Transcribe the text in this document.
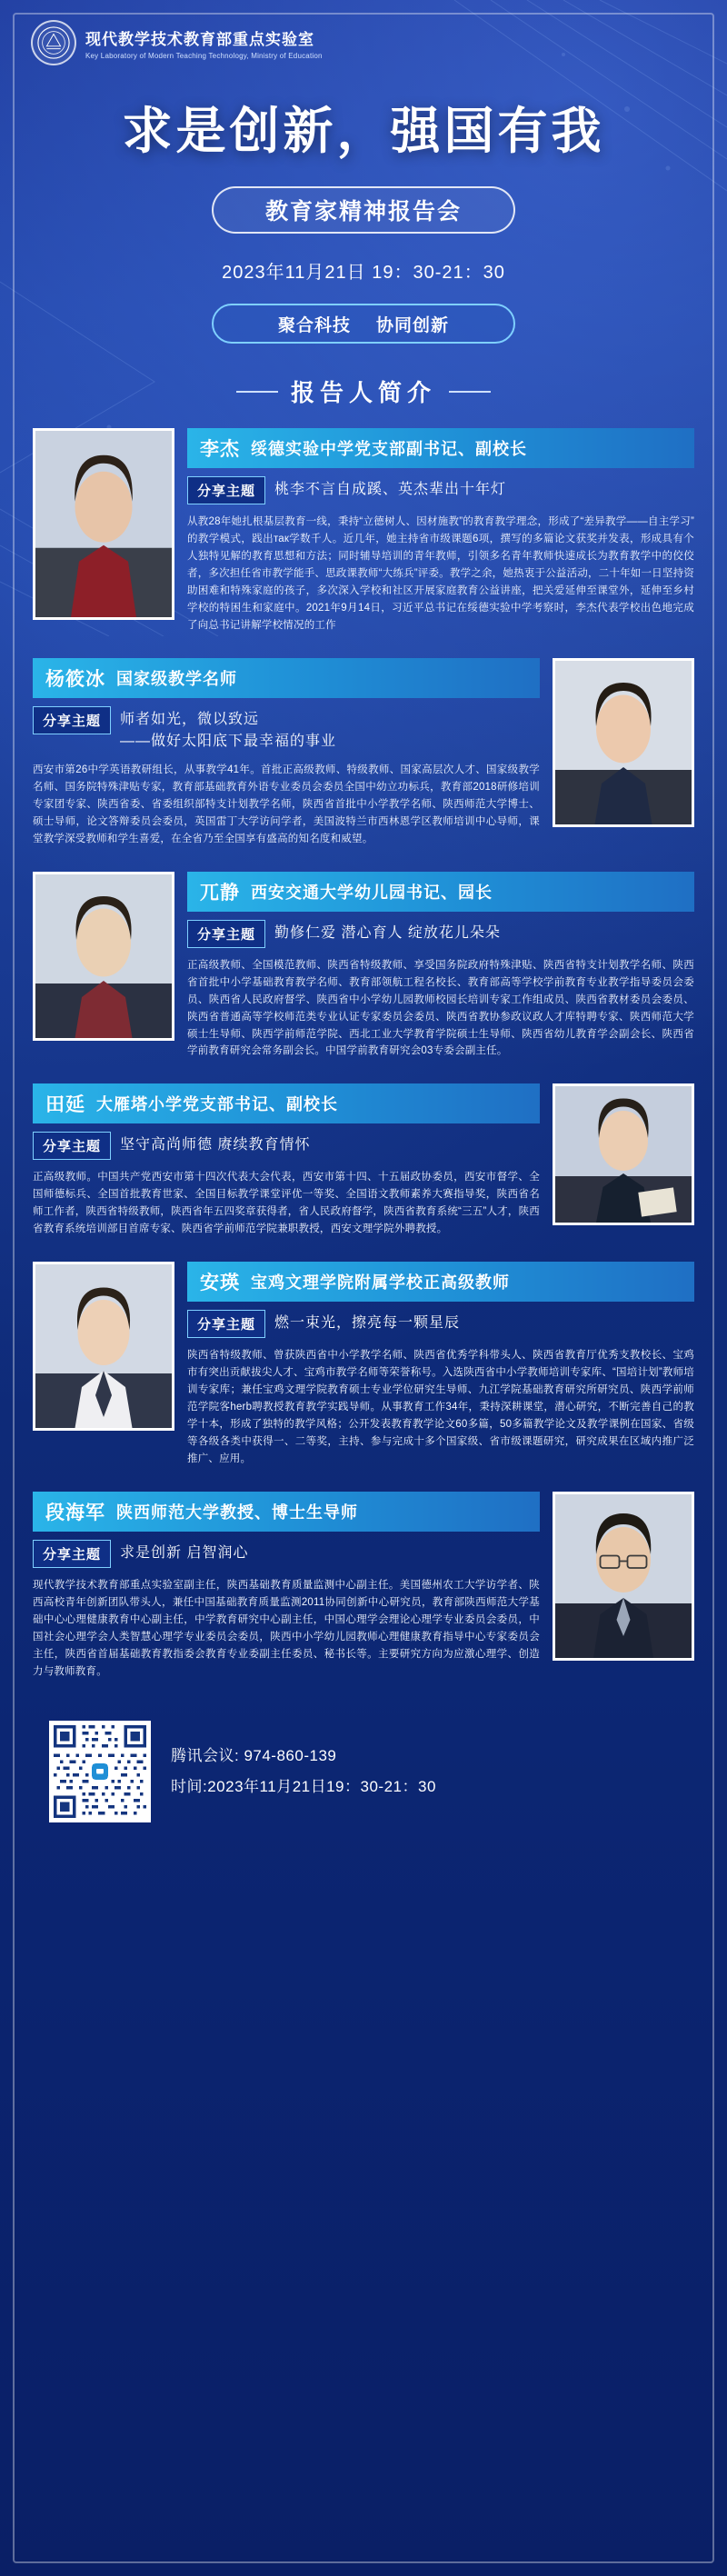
现代教学技术教育部重点实验室
Key Laboratory of Modern Teaching Technology, Ministry of Education
求是创新，强国有我
教育家精神报告会
2023年11月21日 19：30-21：30
聚合科技 协同创新
报告人简介
李杰 绥德实验中学党支部副书记、副校长
分享主题	桃李不言自成蹊、英杰辈出十年灯
从教28年她扎根基层教育一线，秉持“立德树人、因材施教”的教育教学理念，形成了“差异教学——自主学习”的教学模式，践出так学数千人。近几年，她主持省市级课题6项，撰写的多篇论文获奖并发表，形成具有个人独特见解的教育思想和方法；同时辅导培训的青年教师，引领多名青年教师快速成长为教育教学中的佼佼者，多次担任省市教学能手、思政课教师“大练兵”评委。教学之余，她热衷于公益活动，二十年如一日坚持资助困难和特殊家庭的孩子，多次深入学校和社区开展家庭教育公益讲座，把关爱延伸至课堂外，延伸至乡村学校的特困生和家庭中。2021年9月14日，习近平总书记在绥德实验中学考察时，李杰代表学校出色地完成了向总书记讲解学校情况的工作
杨筱冰 国家级教学名师
分享主题	师者如光，微以致远
——做好太阳底下最幸福的事业
西安市第26中学英语教研组长，从事教学41年。首批正高级教师、特级教师、国家高层次人才、国家级教学名师、国务院特殊津贴专家，教育部基础教育外语专业委员会委员全国中幼立功标兵，教育部2018研修培训专家团专家、陕西省委、省委组织部特支计划教学名师，陕西省首批中小学教学名师、陕西师范大学博士、硕士导师，论文答辩委员会委员，英国雷丁大学访问学者，美国波特兰市西林恩学区教师培训中心导师，课堂教学深受教师和学生喜爱，在全省乃至全国享有盛高的知名度和威望。
兀静 西安交通大学幼儿园书记、园长
分享主题	勤修仁爱 潜心育人 绽放花儿朵朵
正高级教师、全国模范教师、陕西省特级教师、享受国务院政府特殊津贴、陕西省特支计划教学名师、陕西省首批中小学基础教育教学名师、教育部领航工程名校长、教育部高等学校学前教育专业教学指导委员会委员、陕西省人民政府督学、陕西省中小学幼儿园教师校园长培训专家工作组成员、陕西省教材委员会委员、陕西省普通高等学校师范类专业认证专家委员会委员、陕西省教协参政议政人才库特聘专家、陕西师范大学硕士生导师、陕西学前师范学院、西北工业大学教育学院硕士生导师、陕西省幼儿教育学会副会长、陕西省学前教育研究会常务副会长。中国学前教育研究会03专委会副主任。
田延 大雁塔小学党支部书记、副校长
分享主题	坚守高尚师德 赓续教育情怀
正高级教师。中国共产党西安市第十四次代表大会代表，西安市第十四、十五届政协委员，西安市督学、全国师德标兵、全国首批教育世家、全国目标教学课堂评优一等奖、全国语文教师素养大赛指导奖，陕西省名师工作者，陕西省特级教师，陕西省年五四奖章获得者，省人民政府督学，陕西省教育系统“三五”人才，陕西省教育系统培训部目首席专家、陕西省学前师范学院兼职教授，西安文理学院外聘教授。
安瑛 宝鸡文理学院附属学校正高级教师
分享主题	燃一束光，擦亮每一颗星辰
陕西省特级教师、曾获陕西省中小学教学名师、陕西省优秀学科带头人、陕西省教育厅优秀支教校长、宝鸡市有突出贡献拔尖人才、宝鸡市教学名师等荣誉称号。入选陕西省中小学教师培训专家库、“国培计划”教师培训专家库；兼任宝鸡文理学院教育硕士专业学位研究生导师、九江学院基础教育研究所研究员、陕西学前师范学院客herb聘教授教育教学实践导师。从事教育工作34年，秉持深耕课堂，潜心研究，不断完善自己的教学十本，形成了独特的教学风格；公开发表教育教学论文60多篇，50多篇教学论文及教学课例在国家、省级等各级各类中获得一、二等奖，主持、参与完成十多个国家级、省市级课题研究，研究成果在区域内推广泛推广、应用。
段海军 陕西师范大学教授、博士生导师
分享主题	求是创新 启智润心
现代教学技术教育部重点实验室副主任，陕西基础教育质量监测中心副主任。美国德州农工大学访学者、陕西高校青年创新团队带头人，兼任中国基础教育质量监测2011协同创新中心研究员，教育部陕西师范大学基础中心心理健康教育中心副主任，中学教育研究中心副主任，中国心理学会理论心理学专业委员会委员，中国社会心理学会人类智慧心理学专业委员会委员，陕西中小学幼儿园教师心理健康教育指导中心专家委员会主任，陕西省首届基础教育教指委会教育专业委副主任委员、秘书长等。主要研究方向为应激心理学、创造力与教师教育。
腾讯会议: 974-860-139
时间:2023年11月21日19：30-21：30
